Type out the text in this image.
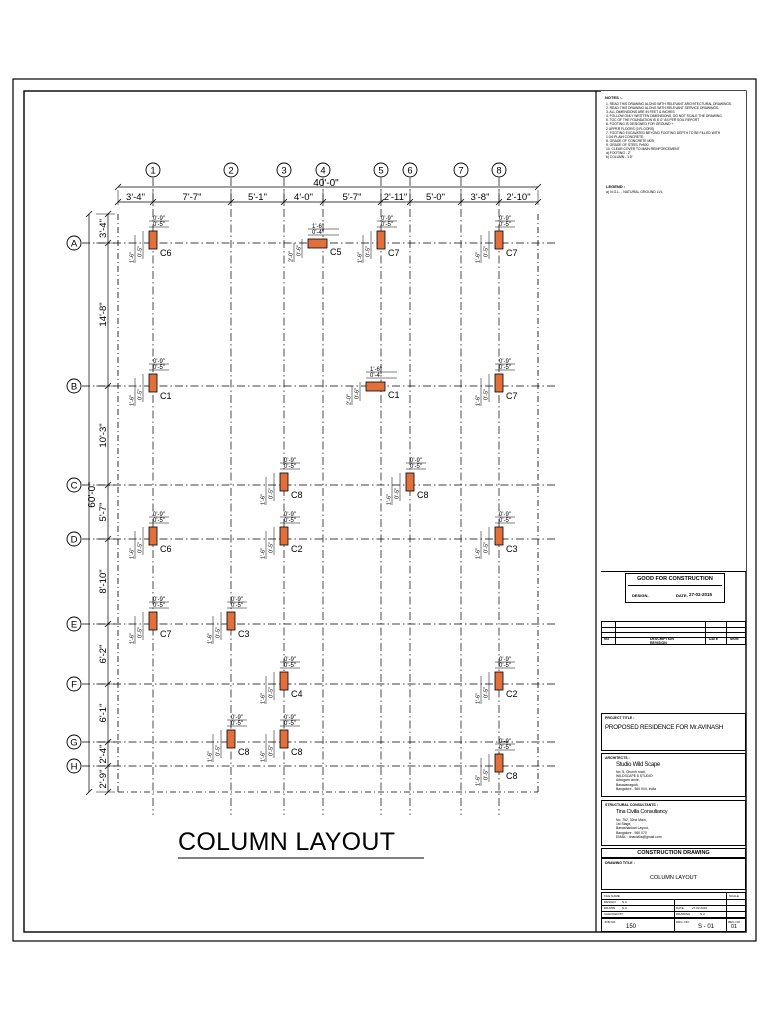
1	2	3	4	5 6	7	8
A
B
C
D
E
F
G
H
40'-0"
3'-4"	7'-7"	5'-1"	4'-0"	5'-7" 2'-11" 5'-0"	3'-8" 2'-10"
60'-0"
3'-4"
14'-8"
10'-3"
5'-7"
8'-10"
6'-2"
6'-1"
2'-4"
2'-9"
0'-9"
0'-5"
0'-5"
1'-6"	C6
1'-6"
0'-4"
0'-6"
2'-0"	C5
0'-9"
0'-5"
0'-5"
1'-6"	C7
0'-9"
0'-5"
0'-5"
1'-6"	C7
0'-9"
0'-5"
0'-5"
1'-6"	C1
1'-6"
0'-4"
0'-6"
2'-0"	C1
0'-9"
0'-5"
0'-5"
1'-6"	C7
0'-9"
0'-5"
0'-5"
1'-6"	C8
0'-9"
0'-5"
0'-5"
1'-6"	C8
0'-9"
0'-5"
0'-5"
1'-6"	C6
0'-9"
0'-5"
0'-5"
1'-6"	C2
0'-9"
0'-5"
0'-5"
1'-6"	C3
0'-9"
0'-5"
0'-5"
1'-6"	C7
0'-9"
0'-5"
0'-5"
1'-6"	C3
0'-9"
0'-5"
0'-5"
1'-6"	C4
0'-9"
0'-5"
0'-5"
1'-6"	C2
0'-9"
0'-5"
0'-5"
1'-6"	C8
0'-9"
0'-5"
0'-5"
1'-6"	C8
0'-9"
0'-5"
0'-5"
1'-6"	C8
COLUMN LAYOUT
NOTES :-

1. READ THIS DRAWING ALONG WITH RELEVANT ARCHITECTURAL DRAWINGS.

2. READ THIS DRAWING ALONG WITH RELEVANT SERVICE DRAWINGS.

3. ALL DIMENSIONS ARE IN FEET & INCHES

4. FOLLOW ONLY WRITTEN DIMENSIONS, DO NOT SCALE THE DRAWING.

5. TOC OF THE FOUNDATION IS 5'-0" AS PER SOIL REPORT

6. FOOTING IS DESIGNED FOR GROUND +

2 UPPER FLOORS (3 FLOORS)

7. FOOTING EXCAVATED BEYOND FOOTING DEPTH TO BE FILLED WITH

1:3:6 PLAIN CONCRETE.

8. GRADE OF CONCRETE M25

9. GRADE OF STEEL Fe500

10. CLEAR COVER TO MAIN REINFORCEMENT

a) FOOTING - 2"

b) COLUMN - 1.5"

LEGEND :
a) N.G.L. - NATURAL GROUND LVL
GOOD FOR CONSTRUCTION
DESIGN-	DATE- 27-02-2015
NO	DESCRIPTION	DATE	SIGN
REVISION
PROJECT TITLE :
PROPOSED RESIDENCE FOR Mr.AVINASH
ARCHITECTS :
Studio Wild Scape
No. 5, Church road,
WILDSCAPE 8 STUDIO
Arbugam circle,
Basavanagudi,
Bangalore - 560 004, India
STRUCTURAL CONSULTANTS :
Tina Civilla Consultancy
No. 752, 32nd Main,
1st Stage,
Banashankari Layout,
Bangalore - 560 070
EMAIL : tinacivilia@gmail.com
CONSTRUCTION DRAWING
DRAWING TITLE :
COLUMN LAYOUT
FILE NAME
DESIGN N.A
DRAWN N.A
CHECKED BY
SCALE
DATE	27.02.2015
DRAWING	N.A
JOB NO.
150
DRG. NO.
S - 01
REV. NO.
01
